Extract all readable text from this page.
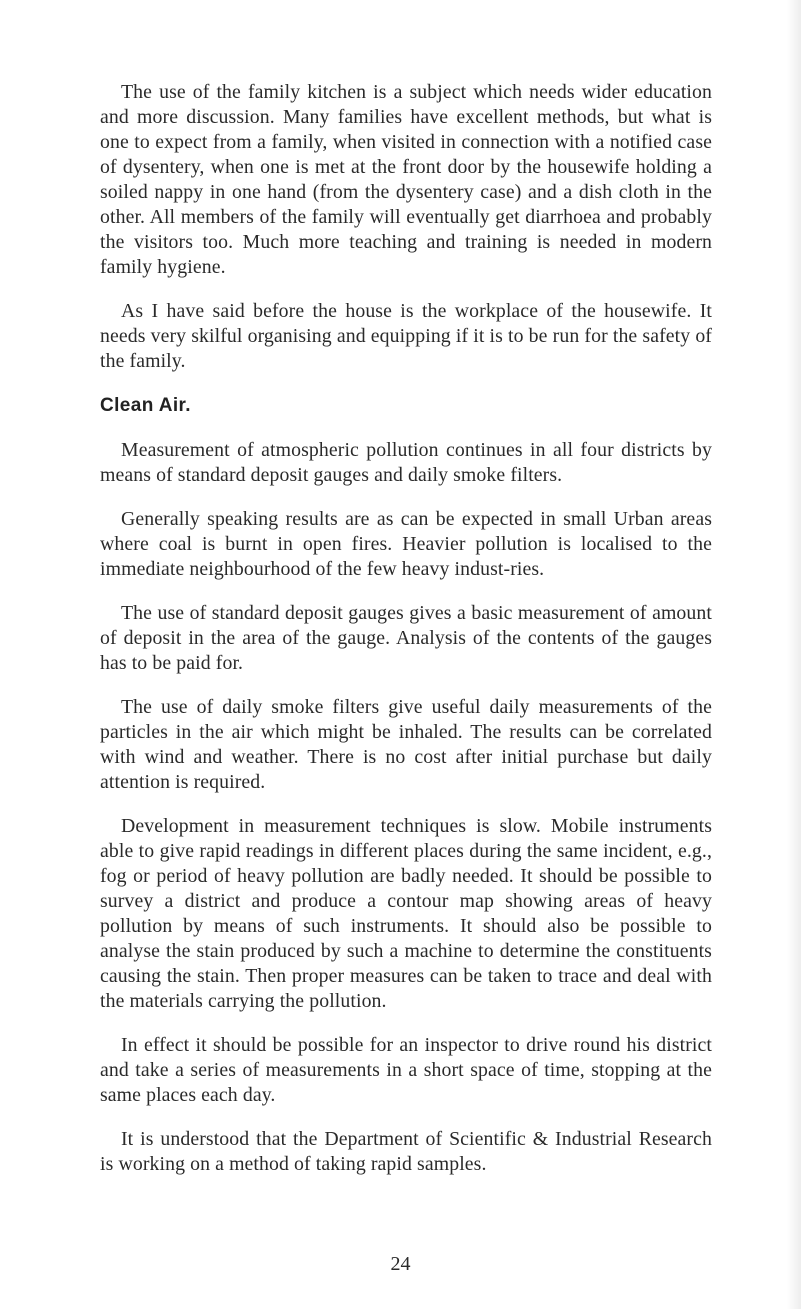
The use of the family kitchen is a subject which needs wider education and more discussion. Many families have excellent methods, but what is one to expect from a family, when visited in connection with a notified case of dysentery, when one is met at the front door by the housewife holding a soiled nappy in one hand (from the dysentery case) and a dish cloth in the other. All members of the family will eventually get diarrhoea and probably the visitors too. Much more teaching and training is needed in modern family hygiene.

As I have said before the house is the workplace of the housewife. It needs very skilful organising and equipping if it is to be run for the safety of the family.

Clean Air.

Measurement of atmospheric pollution continues in all four districts by means of standard deposit gauges and daily smoke filters.

Generally speaking results are as can be expected in small Urban areas where coal is burnt in open fires. Heavier pollution is localised to the immediate neighbourhood of the few heavy indust-ries.

The use of standard deposit gauges gives a basic measurement of amount of deposit in the area of the gauge. Analysis of the contents of the gauges has to be paid for.

The use of daily smoke filters give useful daily measurements of the particles in the air which might be inhaled. The results can be correlated with wind and weather. There is no cost after initial purchase but daily attention is required.

Development in measurement techniques is slow. Mobile instruments able to give rapid readings in different places during the same incident, e.g., fog or period of heavy pollution are badly needed. It should be possible to survey a district and produce a contour map showing areas of heavy pollution by means of such instruments. It should also be possible to analyse the stain produced by such a machine to determine the constituents causing the stain. Then proper measures can be taken to trace and deal with the materials carrying the pollution.

In effect it should be possible for an inspector to drive round his district and take a series of measurements in a short space of time, stopping at the same places each day.

It is understood that the Department of Scientific & Industrial Research is working on a method of taking rapid samples.

24
